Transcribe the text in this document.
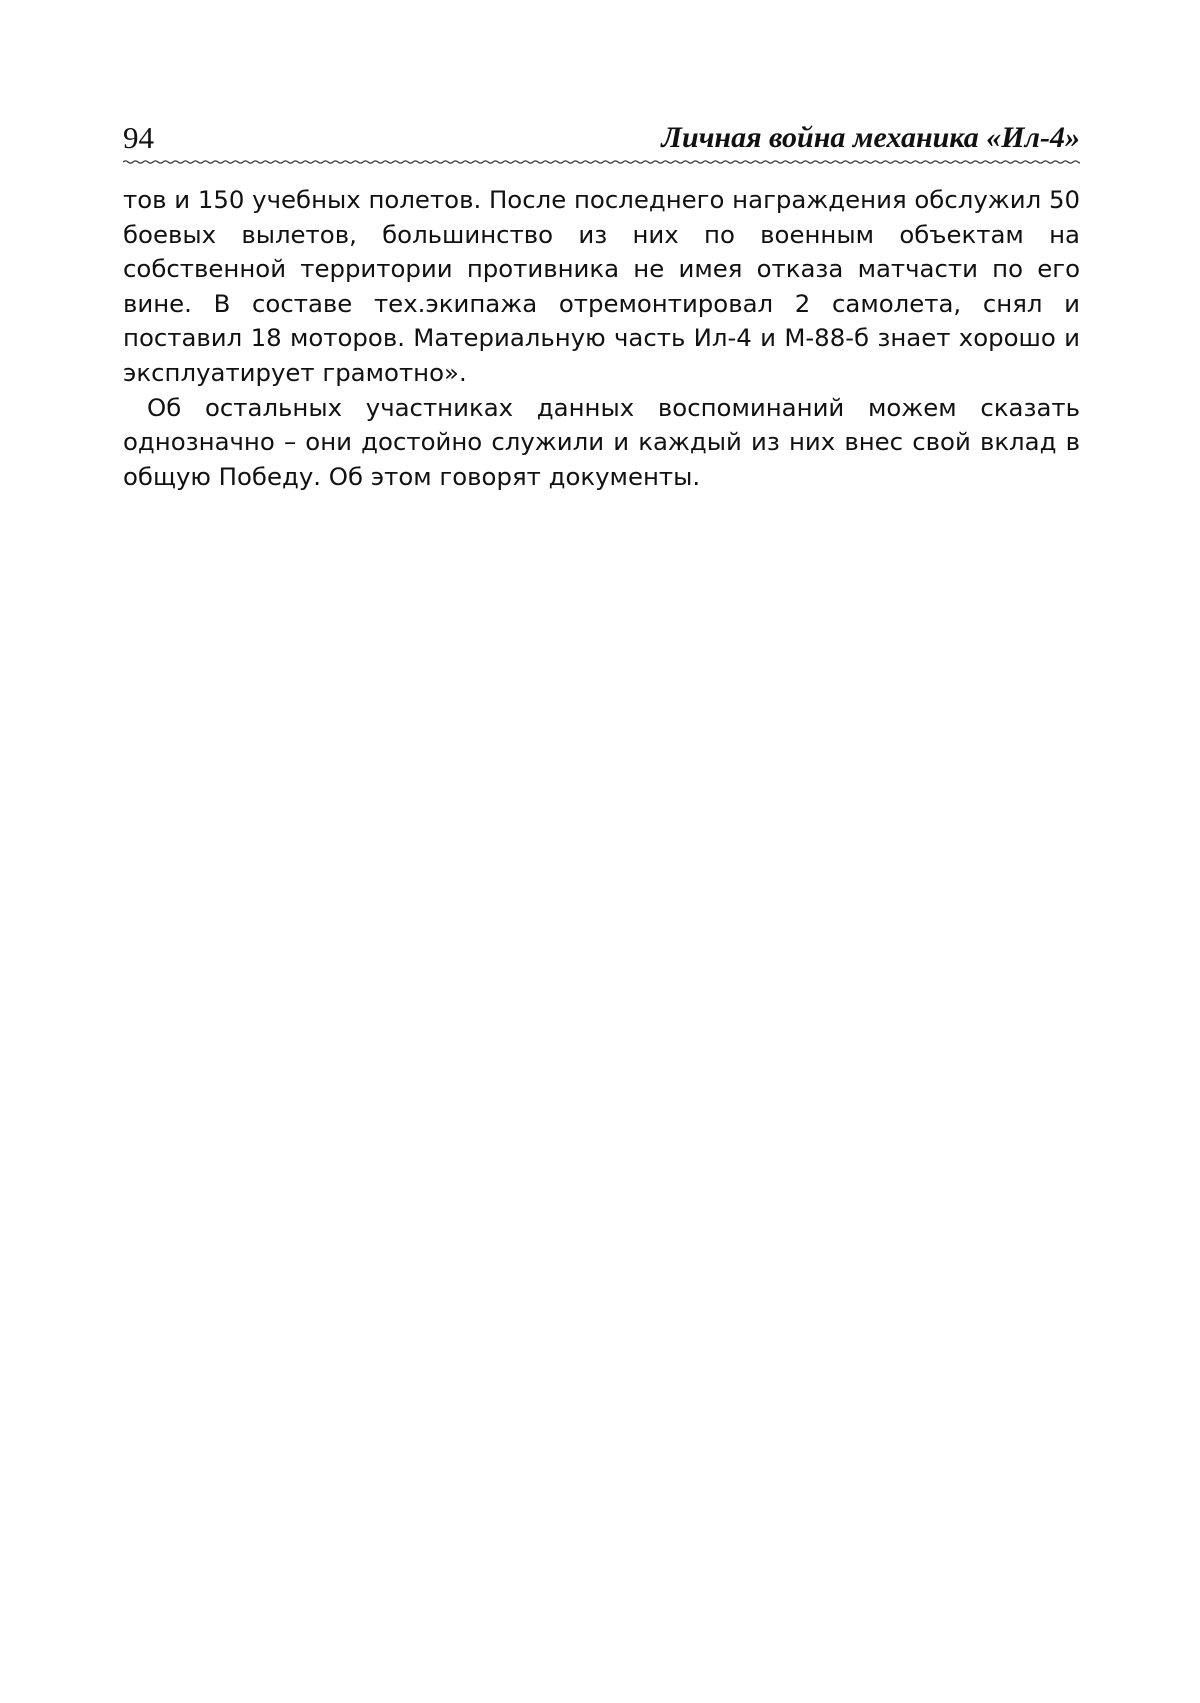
94	Личная война механика «Ил-4»

тов и 150 учебных полетов. После последнего награждения обслужил 50 боевых вылетов, большинство из них по военным объектам на собственной территории противника не имея отказа матчасти по его вине. В составе тех.экипажа отремонтировал 2 самолета, снял и поставил 18 моторов. Материальную часть Ил-4 и М-88-б знает хорошо и эксплуатирует грамотно».

Об остальных участниках данных воспоминаний можем сказать однозначно – они достойно служили и каждый из них внес свой вклад в общую Победу. Об этом говорят документы.
